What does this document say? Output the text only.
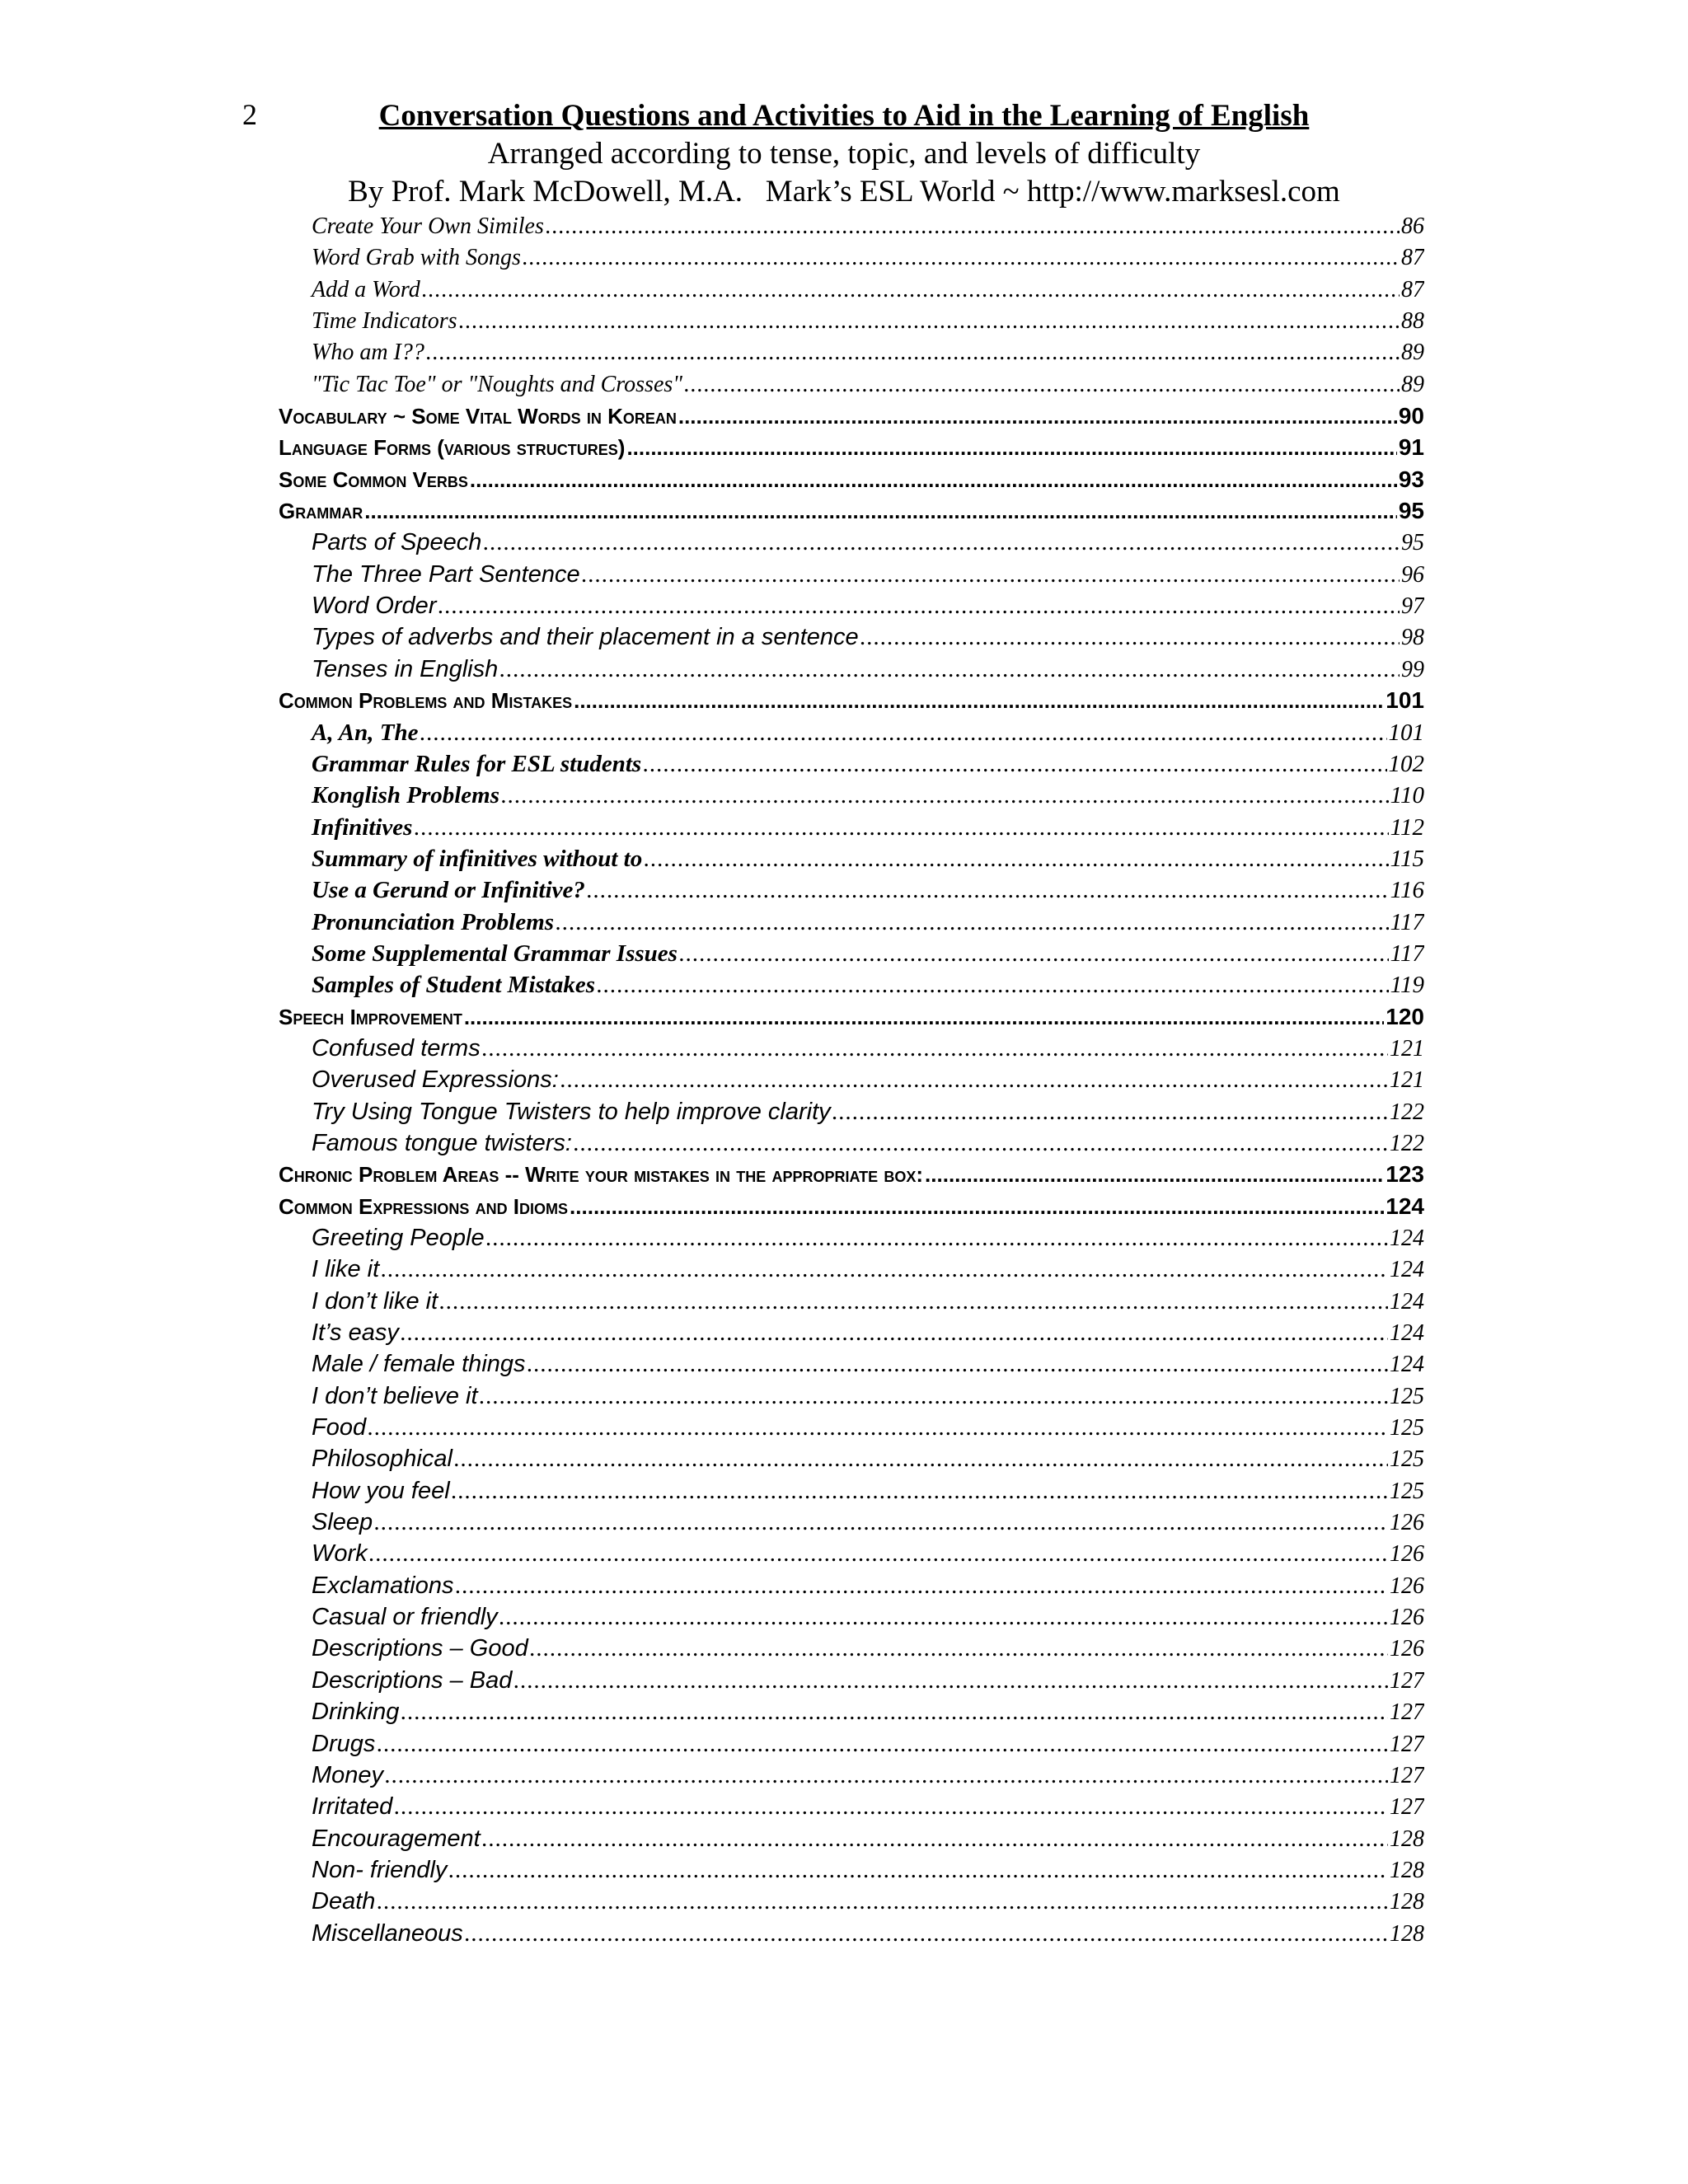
2	Conversation Questions and Activities to Aid in the Learning of English
Arranged according to tense, topic, and levels of difficulty
By Prof. Mark McDowell, M.A.   Mark’s ESL World ~ http://www.marksesl.com
Create Your Own Similes .....	86
Word Grab with Songs .....	87
Add a Word .....	87
Time Indicators .....	88
Who am I?? .....	89
"Tic Tac Toe" or "Noughts and Crosses" .....	89
Vocabulary ~ Some Vital Words in Korean .....	90
Language Forms (various structures) .....	91
Some Common Verbs .....	93
Grammar .....	95
Parts of Speech .....	95
The Three Part Sentence .....	96
Word Order .....	97
Types of adverbs and their placement in a sentence .....	98
Tenses in English .....	99
Common Problems and Mistakes .....	101
A, An, The .....	101
Grammar Rules for ESL students .....	102
Konglish Problems .....	110
Infinitives .....	112
Summary of infinitives without to .....	115
Use a Gerund or Infinitive? .....	116
Pronunciation Problems .....	117
Some Supplemental Grammar Issues .....	117
Samples of Student Mistakes .....	119
Speech Improvement .....	120
Confused terms .....	121
Overused Expressions: .....	121
Try Using Tongue Twisters to help improve clarity .....	122
Famous tongue twisters: .....	122
Chronic Problem Areas -- Write your mistakes in the appropriate box: .....	123
Common Expressions and Idioms .....	124
Greeting People .....	124
I like it .....	124
I don’t like it .....	124
It’s easy .....	124
Male / female things .....	124
I don’t believe it .....	125
Food .....	125
Philosophical .....	125
How you feel .....	125
Sleep .....	126
Work .....	126
Exclamations .....	126
Casual or friendly .....	126
Descriptions – Good .....	126
Descriptions – Bad .....	127
Drinking .....	127
Drugs .....	127
Money .....	127
Irritated .....	127
Encouragement .....	128
Non- friendly .....	128
Death .....	128
Miscellaneous .....	128
